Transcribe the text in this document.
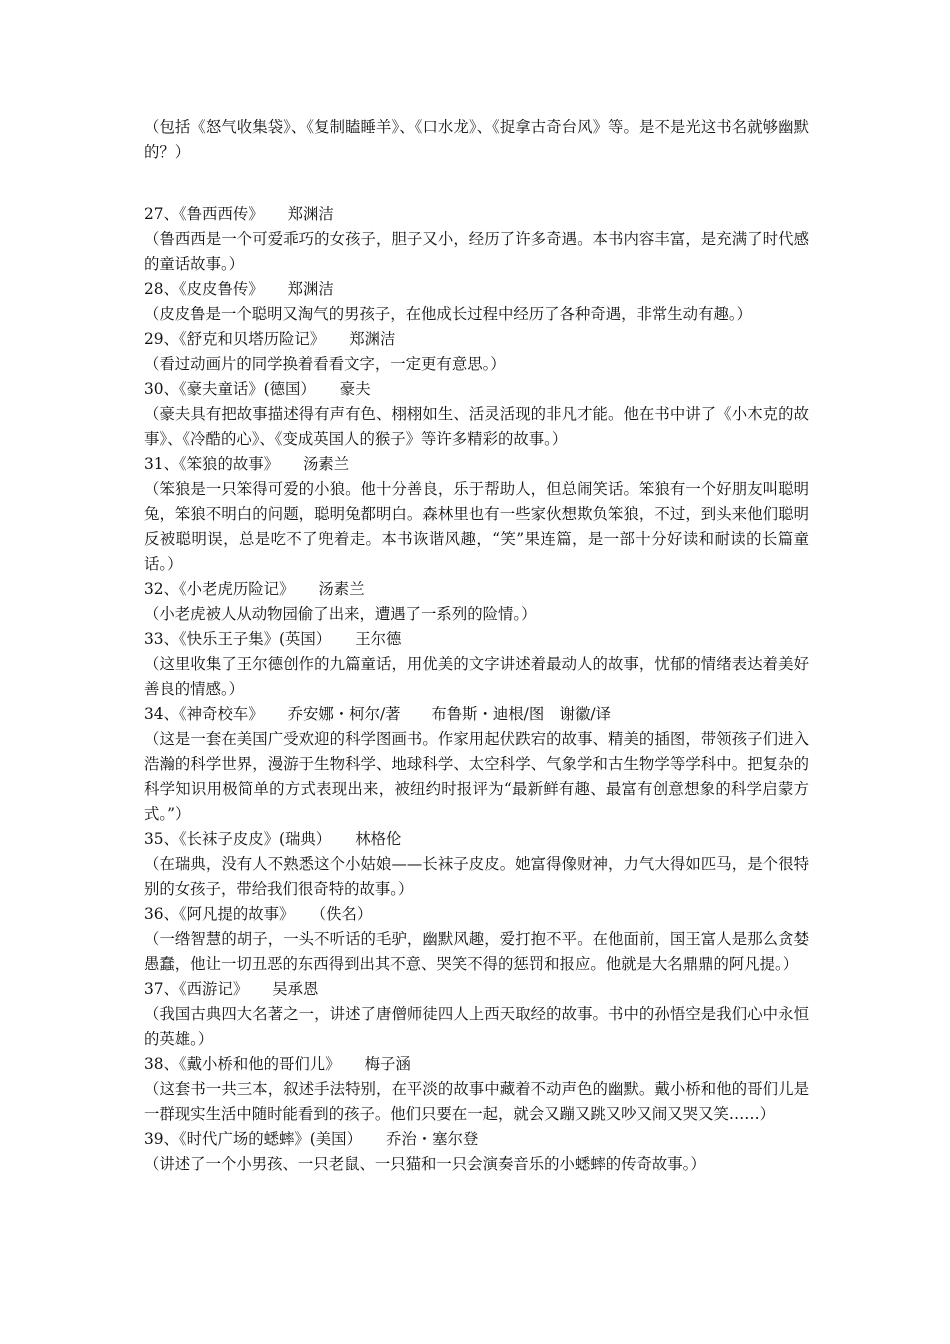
（包括《怒气收集袋》、《复制瞌睡羊》、《口水龙》、《捉拿古奇台风》等。是不是光这书名就够幽默的？）

27、《鲁西西传》 郑渊洁

（鲁西西是一个可爱乖巧的女孩子，胆子又小，经历了许多奇遇。本书内容丰富，是充满了时代感的童话故事。）

28、《皮皮鲁传》 郑渊洁

（皮皮鲁是一个聪明又淘气的男孩子，在他成长过程中经历了各种奇遇，非常生动有趣。）

29、《舒克和贝塔历险记》 郑渊洁

（看过动画片的同学换着看看文字，一定更有意思。）

30、《豪夫童话》(德国） 豪夫

（豪夫具有把故事描述得有声有色、栩栩如生、活灵活现的非凡才能。他在书中讲了《小木克的故事》、《冷酷的心》、《变成英国人的猴子》等许多精彩的故事。）

31、《笨狼的故事》 汤素兰

（笨狼是一只笨得可爱的小狼。他十分善良，乐于帮助人，但总闹笑话。笨狼有一个好朋友叫聪明兔，笨狼不明白的问题，聪明兔都明白。森林里也有一些家伙想欺负笨狼，不过，到头来他们聪明反被聪明误，总是吃不了兜着走。本书诙谐风趣，“笑”果连篇，是一部十分好读和耐读的长篇童话。）

32、《小老虎历险记》 汤素兰

（小老虎被人从动物园偷了出来，遭遇了一系列的险情。）

33、《快乐王子集》(英国） 王尔德

（这里收集了王尔德创作的九篇童话，用优美的文字讲述着最动人的故事，忧郁的情绪表达着美好善良的情感。）

34、《神奇校车》 乔安娜・柯尔/著　　布鲁斯・迪根/图　谢徽/译

（这是一套在美国广受欢迎的科学图画书。作家用起伏跌宕的故事、精美的插图，带领孩子们进入浩瀚的科学世界，漫游于生物科学、地球科学、太空科学、气象学和古生物学等学科中。把复杂的科学知识用极简单的方式表现出来，被纽约时报评为“最新鲜有趣、最富有创意想象的科学启蒙方式。”）

35、《长袜子皮皮》(瑞典） 林格伦

（在瑞典，没有人不熟悉这个小姑娘——长袜子皮皮。她富得像财神，力气大得如匹马，是个很特别的女孩子，带给我们很奇特的故事。）

36、《阿凡提的故事》 （佚名）

（一绺智慧的胡子，一头不听话的毛驴，幽默风趣，爱打抱不平。在他面前，国王富人是那么贪婪愚蠢，他让一切丑恶的东西得到出其不意、哭笑不得的惩罚和报应。他就是大名鼎鼎的阿凡提。）

37、《西游记》 吴承恩

（我国古典四大名著之一，讲述了唐僧师徒四人上西天取经的故事。书中的孙悟空是我们心中永恒的英雄。）

38、《戴小桥和他的哥们儿》 梅子涵

（这套书一共三本，叙述手法特别，在平淡的故事中藏着不动声色的幽默。戴小桥和他的哥们儿是一群现实生活中随时能看到的孩子。他们只要在一起，就会又蹦又跳又吵又闹又哭又笑……）

39、《时代广场的蟋蟀》(美国） 乔治・塞尔登

（讲述了一个小男孩、一只老鼠、一只猫和一只会演奏音乐的小蟋蟀的传奇故事。）
